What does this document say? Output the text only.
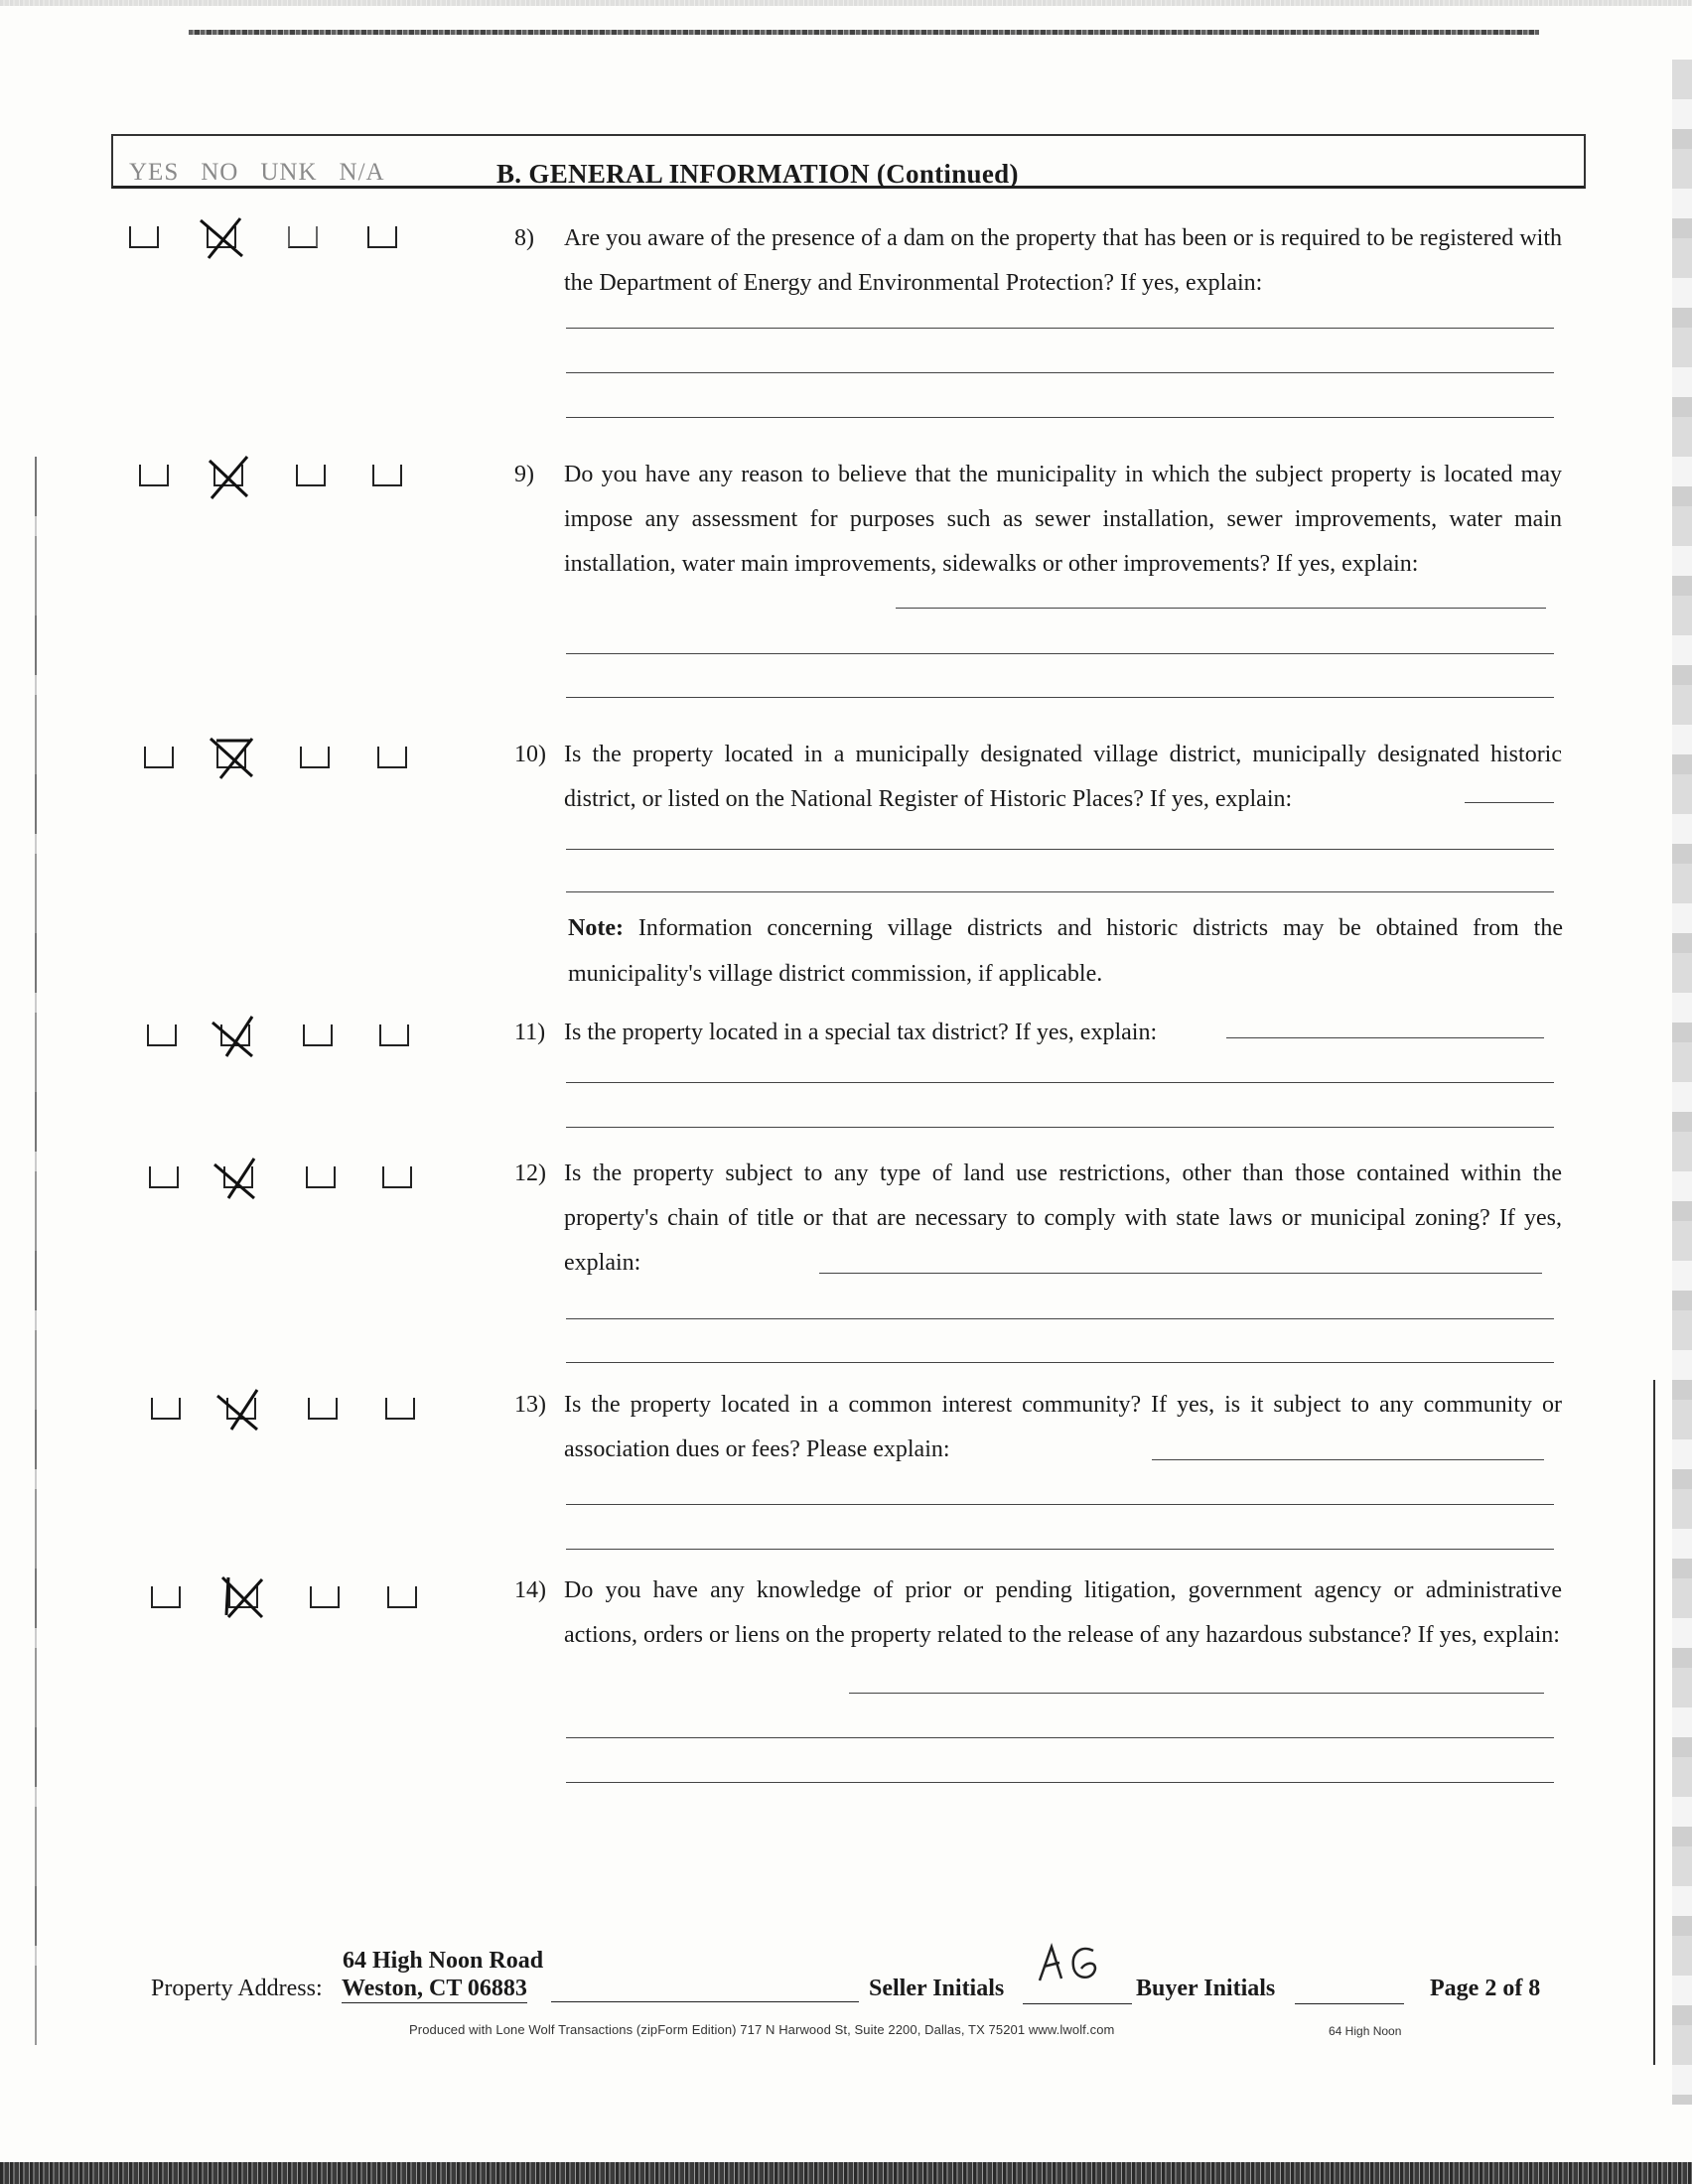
YES NO UNK N/A	B. GENERAL INFORMATION (Continued)
8) Are you aware of the presence of a dam on the property that has been or is required to be registered with the Department of Energy and Environmental Protection? If yes, explain:
9) Do you have any reason to believe that the municipality in which the subject property is located may impose any assessment for purposes such as sewer installation, sewer improvements, water main installation, water main improvements, sidewalks or other improvements? If yes, explain:
10) Is the property located in a municipally designated village district, municipally designated historic district, or listed on the National Register of Historic Places? If yes, explain:
Note: Information concerning village districts and historic districts may be obtained from the municipality's village district commission, if applicable.
11) Is the property located in a special tax district? If yes, explain:
12) Is the property subject to any type of land use restrictions, other than those contained within the property's chain of title or that are necessary to comply with state laws or municipal zoning? If yes, explain:
13) Is the property located in a common interest community? If yes, is it subject to any community or association dues or fees? Please explain:
14) Do you have any knowledge of prior or pending litigation, government agency or administrative actions, orders or liens on the property related to the release of any hazardous substance? If yes, explain:
64 High Noon Road
Property Address: Weston, CT 06883	Seller Initials	Buyer Initials	Page 2 of 8
Produced with Lone Wolf Transactions (zipForm Edition) 717 N Harwood St, Suite 2200, Dallas, TX 75201 www.lwolf.com	64 High Noon
